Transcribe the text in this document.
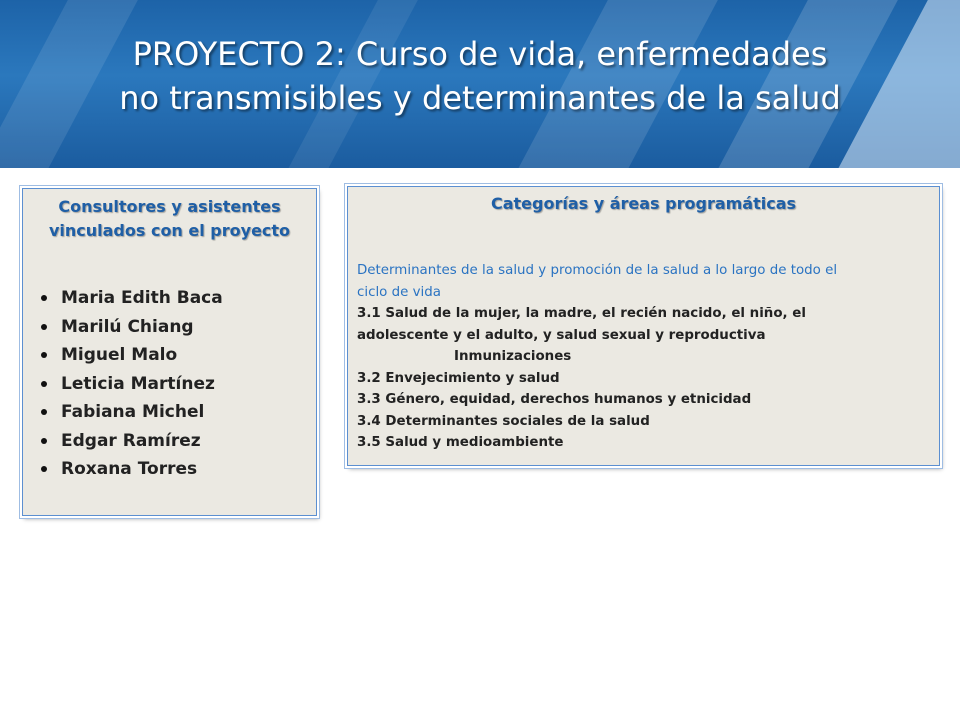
PROYECTO 2: Curso de vida, enfermedades
no transmisibles y determinantes de la salud

Consultores y asistentes
vinculados con el proyecto

Maria Edith Baca
Marilú Chiang
Miguel Malo
Leticia Martínez
Fabiana Michel
Edgar Ramírez
Roxana Torres

Categorías y áreas programáticas

Determinantes de la salud y promoción de la salud a lo largo de todo el
ciclo de vida

3.1 Salud de la mujer, la madre, el recién nacido, el niño, el
adolescente y el adulto, y salud sexual y reproductiva

Inmunizaciones

3.2 Envejecimiento y salud

3.3 Género, equidad, derechos humanos y etnicidad

3.4 Determinantes sociales de la salud

3.5 Salud y medioambiente
